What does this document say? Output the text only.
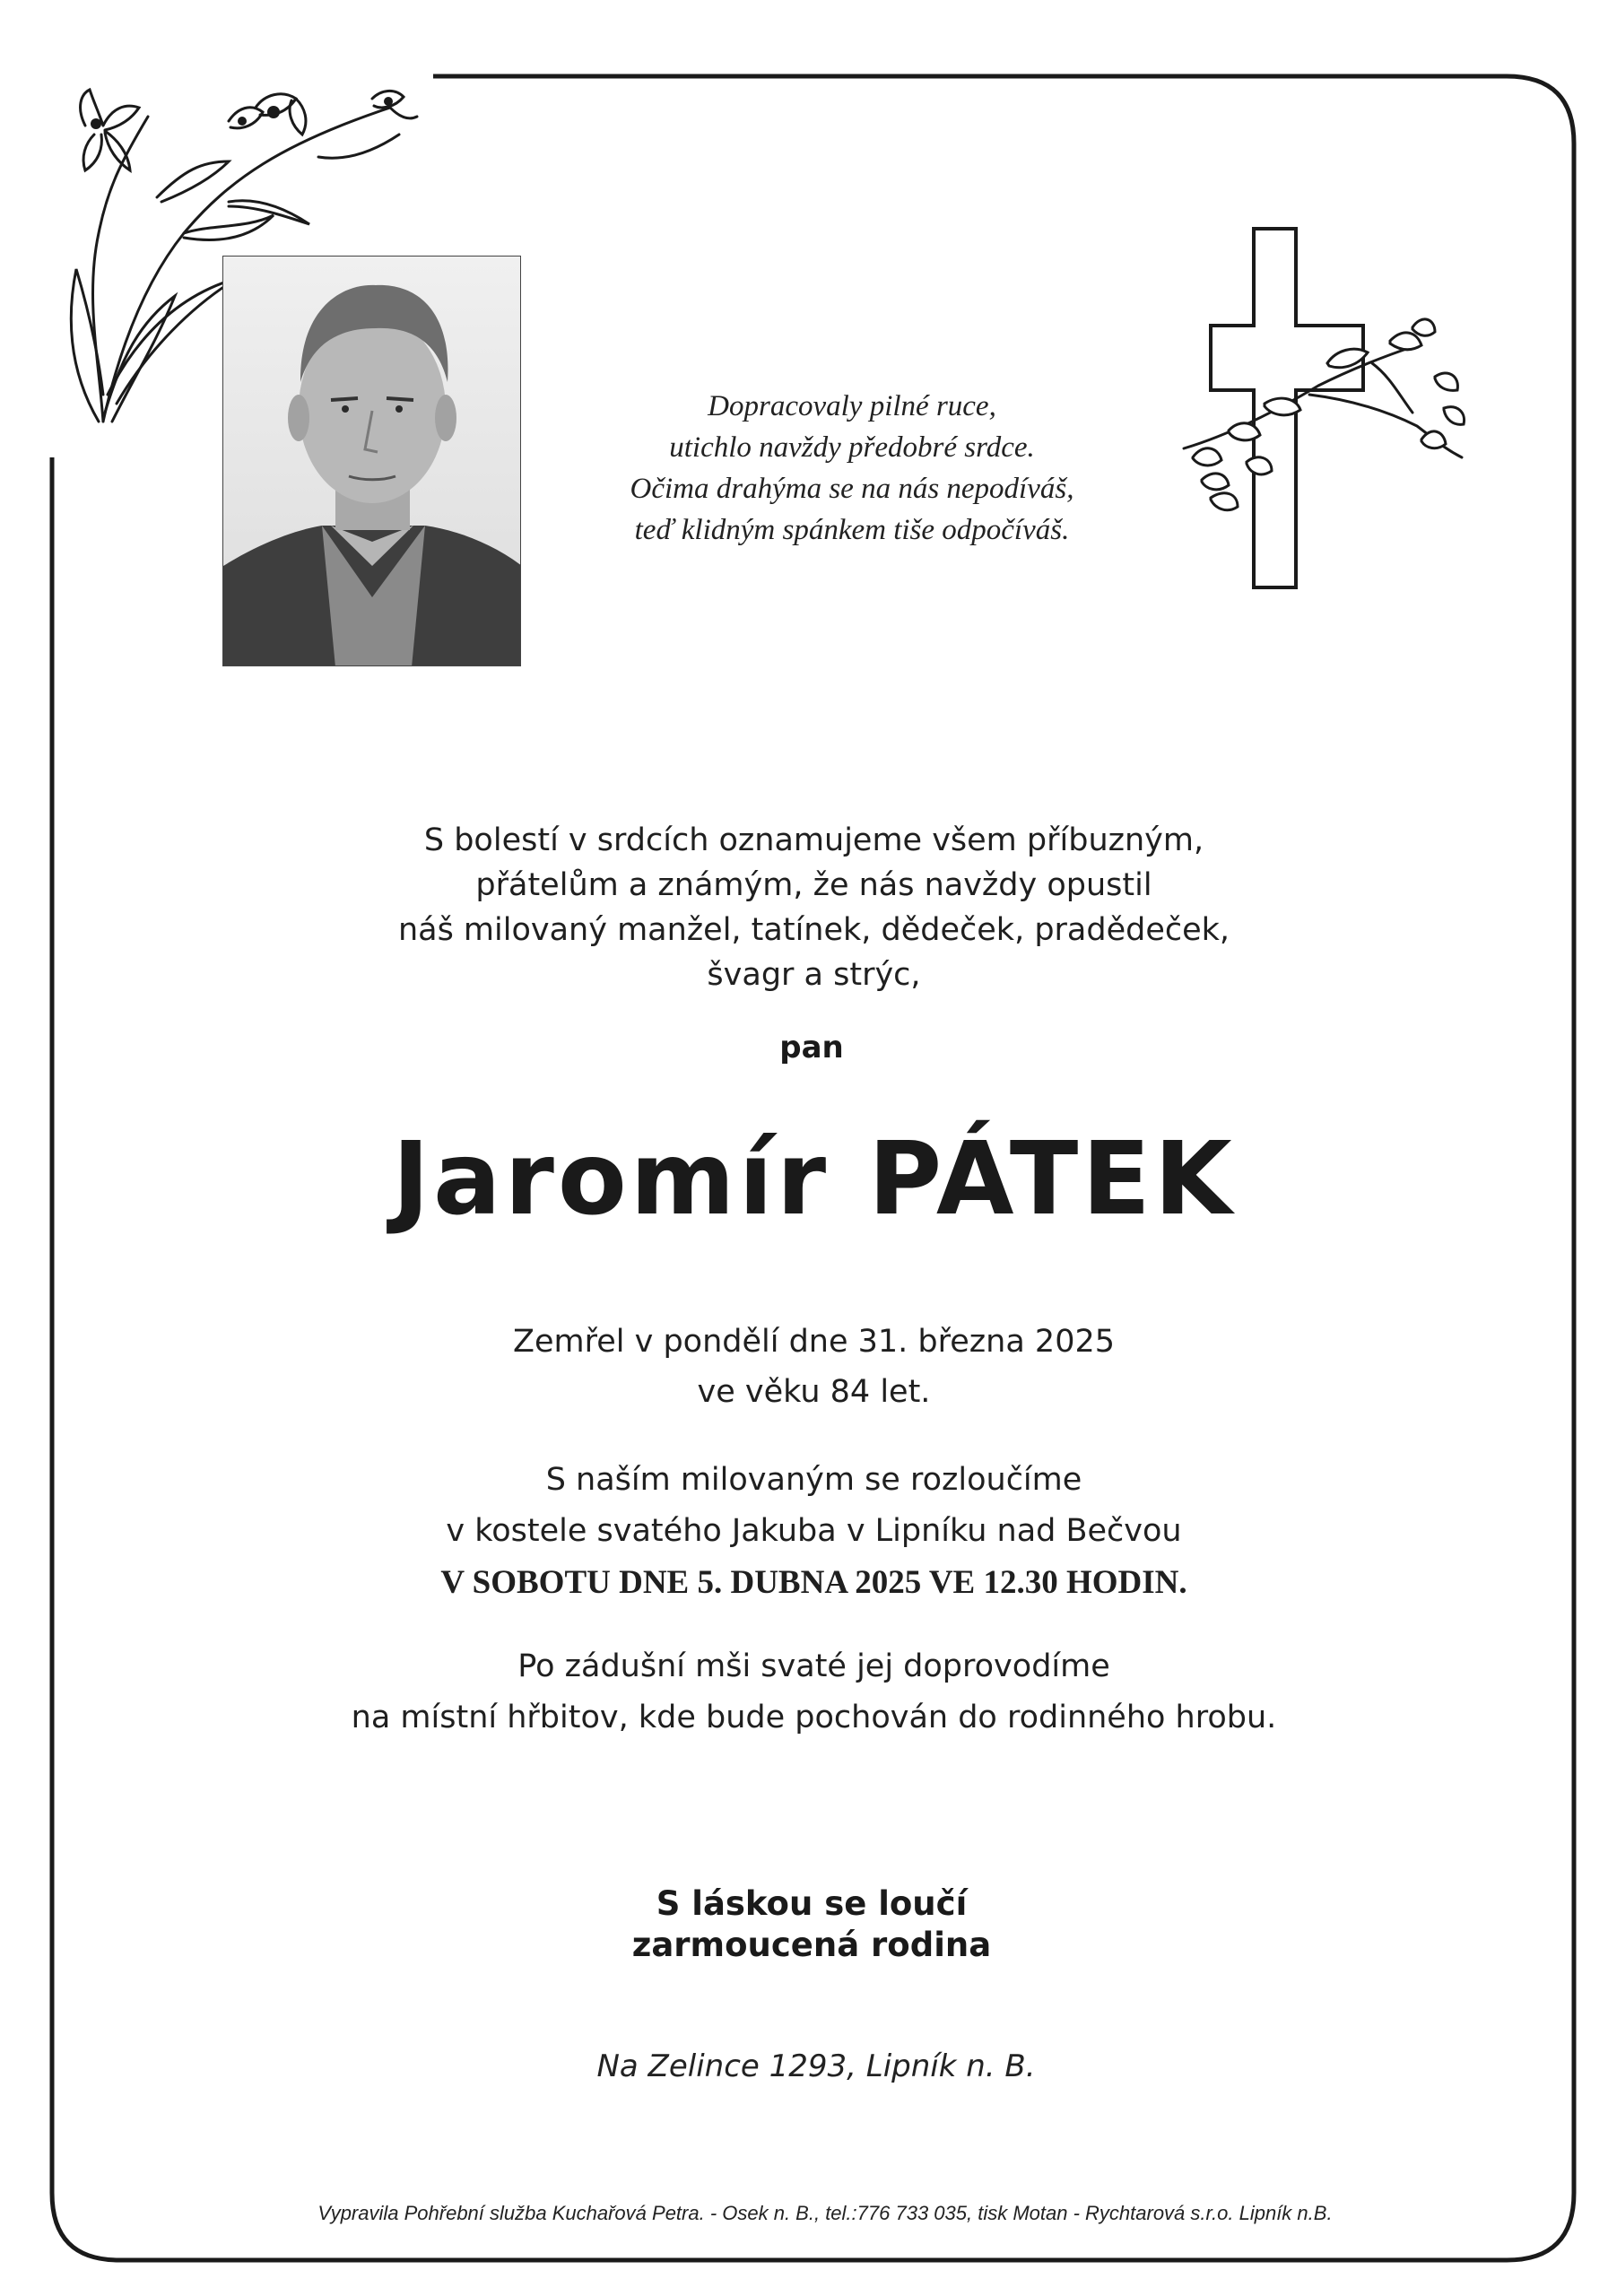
Dopracovaly pilné ruce,
utichlo navždy předobré srdce.
Očima drahýma se na nás nepodíváš,
teď klidným spánkem tiše odpočíváš.
S bolestí v srdcích oznamujeme všem příbuzným,
přátelům a známým, že nás navždy opustil
náš milovaný manžel, tatínek, dědeček, pradědeček,
švagr a strýc,
pan
Jaromír PÁTEK
Zemřel v pondělí dne 31. března 2025
ve věku 84 let.
S naším milovaným se rozloučíme
v kostele svatého Jakuba v Lipníku nad Bečvou
V SOBOTU DNE 5. DUBNA 2025 VE 12.30 HODIN.
Po zádušní mši svaté jej doprovodíme
na místní hřbitov, kde bude pochován do rodinného hrobu.
S láskou se loučí
zarmoucená rodina
Na Zelince 1293, Lipník n. B.
Vypravila Pohřební služba Kuchařová Petra. - Osek n. B., tel.:776 733 035, tisk Motan - Rychtarová s.r.o. Lipník n.B.
